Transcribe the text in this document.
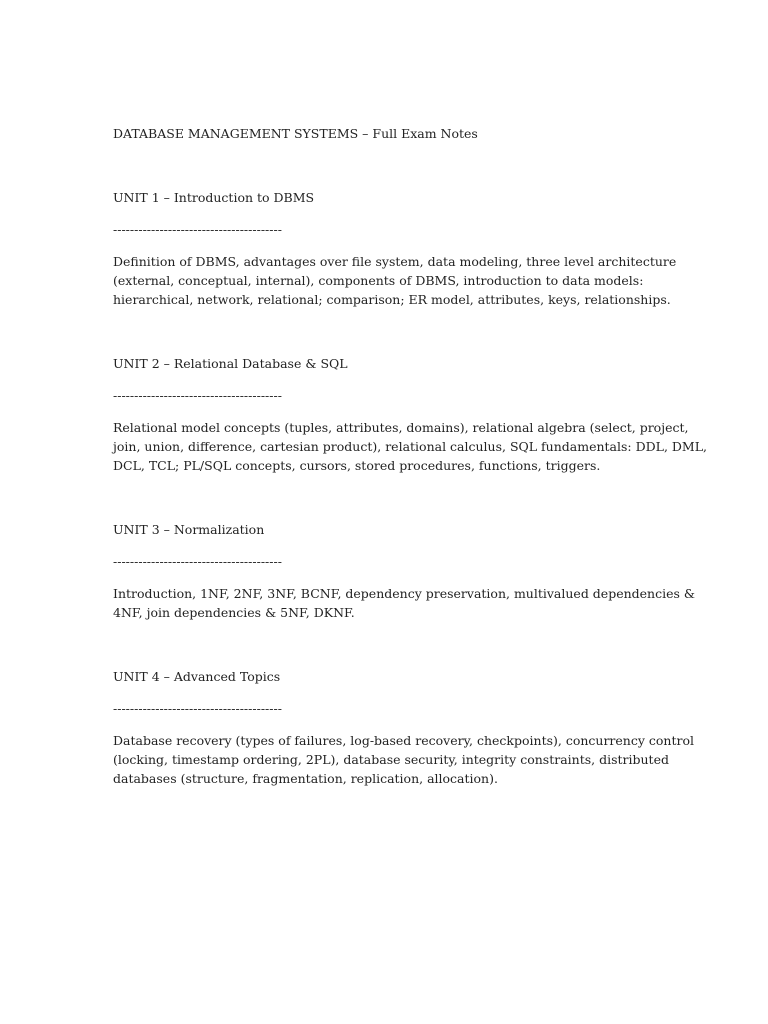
DATABASE MANAGEMENT SYSTEMS – Full Exam Notes

UNIT 1 – Introduction to DBMS

----------------------------------------

Definition of DBMS, advantages over file system, data modeling, three level architecture
(external, conceptual, internal), components of DBMS, introduction to data models:
hierarchical, network, relational; comparison; ER model, attributes, keys, relationships.

UNIT 2 – Relational Database & SQL

----------------------------------------

Relational model concepts (tuples, attributes, domains), relational algebra (select, project,
join, union, difference, cartesian product), relational calculus, SQL fundamentals: DDL, DML,
DCL, TCL; PL/SQL concepts, cursors, stored procedures, functions, triggers.

UNIT 3 – Normalization

----------------------------------------

Introduction, 1NF, 2NF, 3NF, BCNF, dependency preservation, multivalued dependencies &
4NF, join dependencies & 5NF, DKNF.

UNIT 4 – Advanced Topics

----------------------------------------

Database recovery (types of failures, log-based recovery, checkpoints), concurrency control
(locking, timestamp ordering, 2PL), database security, integrity constraints, distributed
databases (structure, fragmentation, replication, allocation).
